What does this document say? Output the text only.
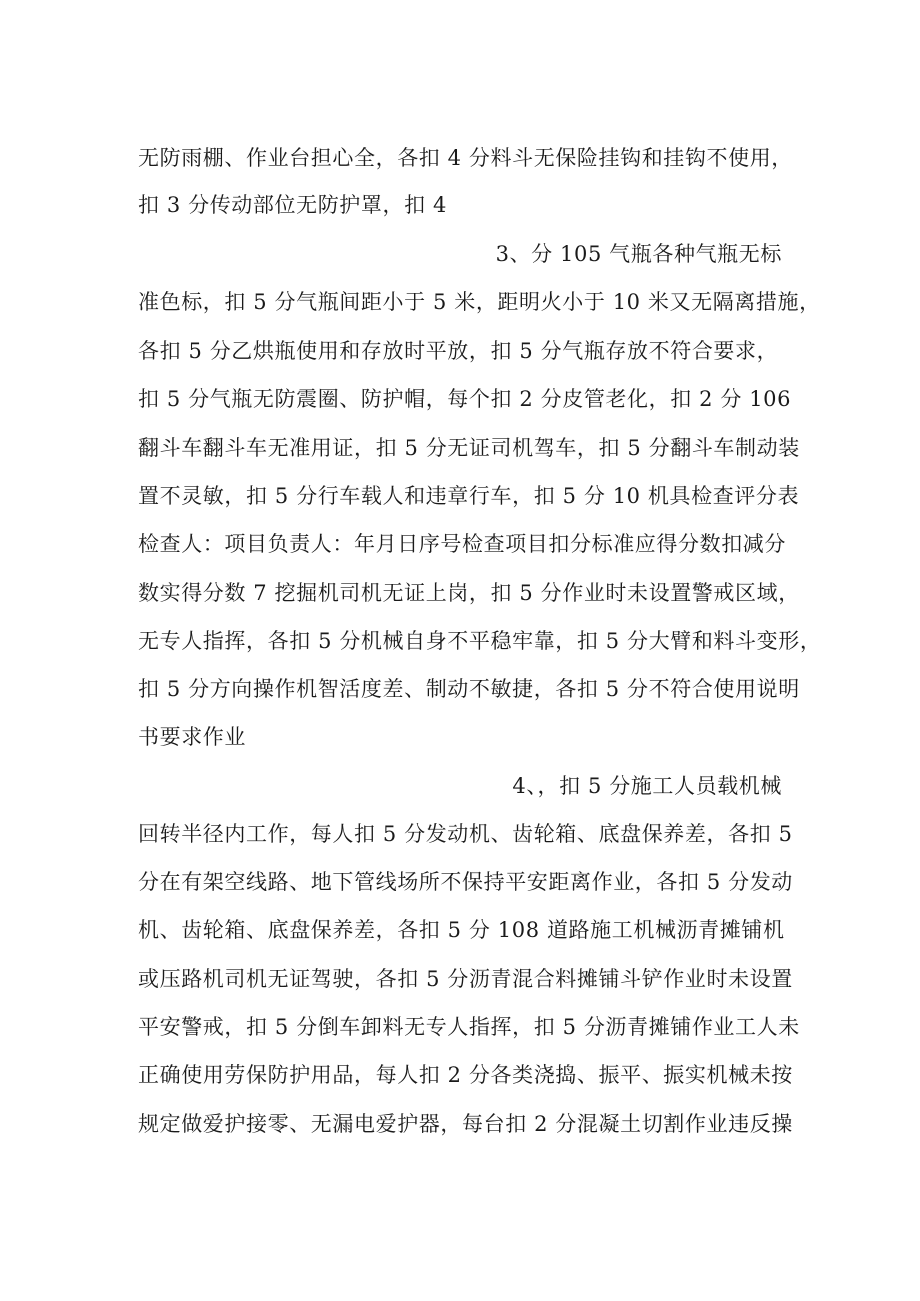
无防雨棚、作业台担心全，各扣 4 分料斗无保险挂钩和挂钩不使用，
扣 3 分传动部位无防护罩，扣 4
3、分 105 气瓶各种气瓶无标
准色标，扣 5 分气瓶间距小于 5 米，距明火小于 10 米又无隔离措施，
各扣 5 分乙烘瓶使用和存放时平放，扣 5 分气瓶存放不符合要求，
扣 5 分气瓶无防震圈、防护帽，每个扣 2 分皮管老化，扣 2 分 106
翻斗车翻斗车无准用证，扣 5 分无证司机驾车，扣 5 分翻斗车制动装
置不灵敏，扣 5 分行车载人和违章行车，扣 5 分 10 机具检查评分表
检查人：项目负责人：年月日序号检查项目扣分标准应得分数扣减分
数实得分数 7 挖掘机司机无证上岗，扣 5 分作业时未设置警戒区域，
无专人指挥，各扣 5 分机械自身不平稳牢靠，扣 5 分大臂和料斗变形，
扣 5 分方向操作机智活度差、制动不敏捷，各扣 5 分不符合使用说明
书要求作业
4、，扣 5 分施工人员载机械
回转半径内工作，每人扣 5 分发动机、齿轮箱、底盘保养差，各扣 5
分在有架空线路、地下管线场所不保持平安距离作业，各扣 5 分发动
机、齿轮箱、底盘保养差，各扣 5 分 108 道路施工机械沥青摊铺机
或压路机司机无证驾驶，各扣 5 分沥青混合料摊铺斗铲作业时未设置
平安警戒，扣 5 分倒车卸料无专人指挥，扣 5 分沥青摊铺作业工人未
正确使用劳保防护用品，每人扣 2 分各类浇捣、振平、振实机械未按
规定做爱护接零、无漏电爱护器，每台扣 2 分混凝土切割作业违反操
